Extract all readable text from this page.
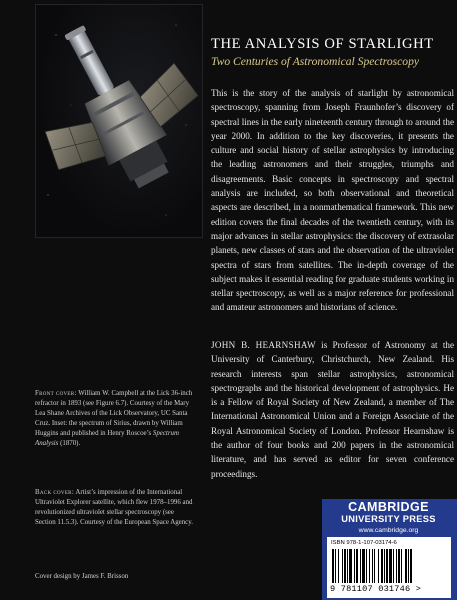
THE ANALYSIS OF STARLIGHT
Two Centuries of Astronomical Spectroscopy
This is the story of the analysis of starlight by astronomical spectroscopy, spanning from Joseph Fraunhofer’s discovery of spectral lines in the early nineteenth century through to around the year 2000. In addition to the key discoveries, it presents the culture and social history of stellar astrophysics by introducing the leading astronomers and their struggles, triumphs and disagreements. Basic concepts in spectroscopy and spectral analysis are included, so both observational and theoretical aspects are described, in a nonmathematical framework. This new edition covers the final decades of the twentieth century, with its major advances in stellar astrophysics: the discovery of extrasolar planets, new classes of stars and the observation of the ultraviolet spectra of stars from satellites. The in-depth coverage of the subject makes it essential reading for graduate students working in stellar spectroscopy, as well as a major reference for professional and amateur astronomers and historians of science.
JOHN B. HEARNSHAW is Professor of Astronomy at the University of Canterbury, Christchurch, New Zealand. His research interests span stellar astrophysics, astronomical spectrographs and the historical development of astrophysics. He is a Fellow of Royal Society of New Zealand, a member of The International Astronomical Union and a Foreign Associate of the Royal Astronomical Society of London. Professor Hearnshaw is the author of four books and 200 papers in the astronomical literature, and has served as editor for seven conference proceedings.
Front cover: William W. Campbell at the Lick 36-inch refractor in 1893 (see Figure 6.7). Courtesy of the Mary Lea Shane Archives of the Lick Observatory, UC Santa Cruz. Inset: the spectrum of Sirius, drawn by William Huggins and published in Henry Roscoe’s Spectrum Analysis (1870).
Back cover: Artist’s impression of the International Ultraviolet Explorer satellite, which flew 1978–1996 and revolutionized ultraviolet stellar spectroscopy (see Section 11.5.3). Courtesy of the European Space Agency.
Cover design by James F. Brisson
CAMBRIDGE
UNIVERSITY PRESS
www.cambridge.org
ISBN 978-1-107-03174-6
9 781107 031746 >
